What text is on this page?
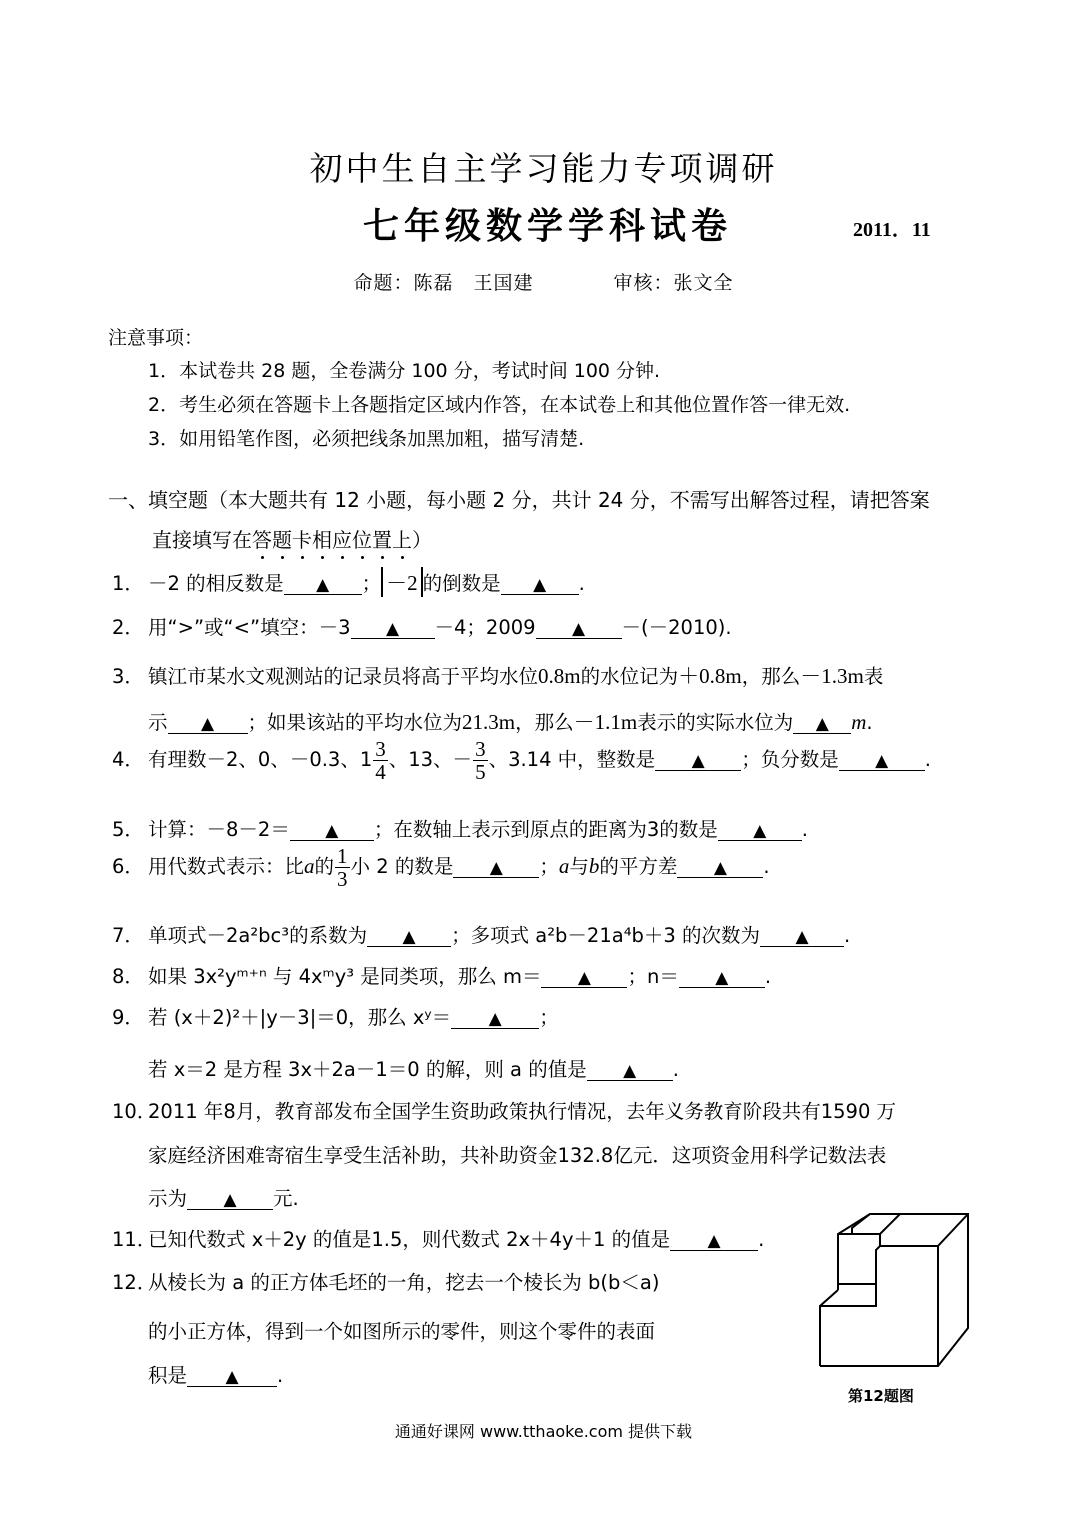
初中生自主学习能力专项调研
七年级数学学科试卷	2011．11
命题：陈磊　王国建　　　　审核：张文全
注意事项：
1．本试卷共 28 题，全卷满分 100 分，考试时间 100 分钟.
2．考生必须在答题卡上各题指定区域内作答，在本试卷上和其他位置作答一律无效.
3．如用铅笔作图，必须把线条加黑加粗，描写清楚.
一、填空题（本大题共有 12 小题，每小题 2 分，共计 24 分，不需写出解答过程，请把答案
直接填写在答题卡相应位置上）
1． －2 的相反数是 ▲ ； －2 的倒数是 ▲ .
2． 用“>”或“<”填空：－3 ▲ －4；2009 ▲ －(－2010).
3． 镇江市某水文观测站的记录员将高于平均水位0.8m的水位记为＋0.8m，那么－1.3m表
示 ▲ ；如果该站的平均水位为21.3m，那么－1.1m表示的实际水位为 ▲ m.
4． 有理数－2、0、－0.3、$1 \frac{3}{4}$ 、13、－ $\frac{3}{5}$ 、3.14 中，整数是 ▲ ；负分数是 ▲ .
5． 计算：－8－2＝ ▲ ；在数轴上表示到原点的距离为3的数是 ▲ .
6． 用代数式表示：比a的 $\frac{1}{3}$ 小 2 的数是 ▲ ；a与b的平方差 ▲ .
7． 单项式－2a²bc³的系数为 ▲ ；多项式 a²b－21a⁴b＋3 的次数为 ▲ .
8． 如果 3x²yᵐ⁺ⁿ 与 4xᵐy³ 是同类项，那么 m＝ ▲ ；n＝ ▲ .
9． 若 (x＋2)²＋|y－3|＝0，那么 xʸ＝ ▲ ；
若 x＝2 是方程 3x＋2a－1＝0 的解，则 a 的值是 ▲ .
10．2011 年8月，教育部发布全国学生资助政策执行情况，去年义务教育阶段共有1590 万
家庭经济困难寄宿生享受生活补助，共补助资金132.8亿元．这项资金用科学记数法表
示为 ▲ 元.
11．已知代数式 x＋2y 的值是1.5，则代数式 2x＋4y＋1 的值是 ▲ .
12．从棱长为 a 的正方体毛坯的一角，挖去一个棱长为 b(b＜a)
的小正方体，得到一个如图所示的零件，则这个零件的表面
积是 ▲ .
第12题图
通通好课网 www.tthaoke.com 提供下载
